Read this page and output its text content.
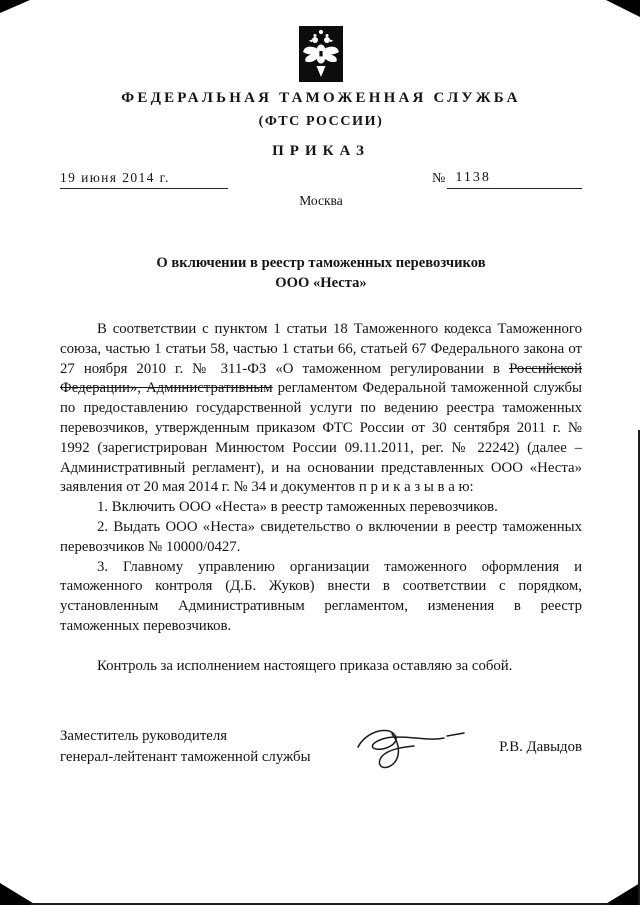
ФЕДЕРАЛЬНАЯ ТАМОЖЕННАЯ СЛУЖБА
(ФТС РОССИИ)
ПРИКАЗ
19 июня 2014 г.	№ 1138
Москва
О включении в реестр таможенных перевозчиков
ООО «Неста»

В соответствии с пунктом 1 статьи 18 Таможенного кодекса Таможенного союза, частью 1 статьи 58, частью 1 статьи 66, статьей 67 Федерального закона от 27 ноября 2010 г. № 311-ФЗ «О таможенном регулировании в Российской Федерации», Административным регламентом Федеральной таможенной службы по предоставлению государственной услуги по ведению реестра таможенных перевозчиков, утвержденным приказом ФТС России от 30 сентября 2011 г. № 1992 (зарегистрирован Минюстом России 09.11.2011, рег. № 22242) (далее – Административный регламент), и на основании представленных ООО «Неста» заявления от 20 мая 2014 г. № 34 и документов п р и к а з ы в а ю:

1. Включить ООО «Неста» в реестр таможенных перевозчиков.

2. Выдать ООО «Неста» свидетельство о включении в реестр таможенных перевозчиков № 10000/0427.

3. Главному управлению организации таможенного оформления и таможенного контроля (Д.Б. Жуков) внести в соответствии с порядком, установленным Административным регламентом, изменения в реестр таможенных перевозчиков.

Контроль за исполнением настоящего приказа оставляю за собой.

Заместитель руководителя
генерал-лейтенант таможенной службы
Р.В. Давыдов
